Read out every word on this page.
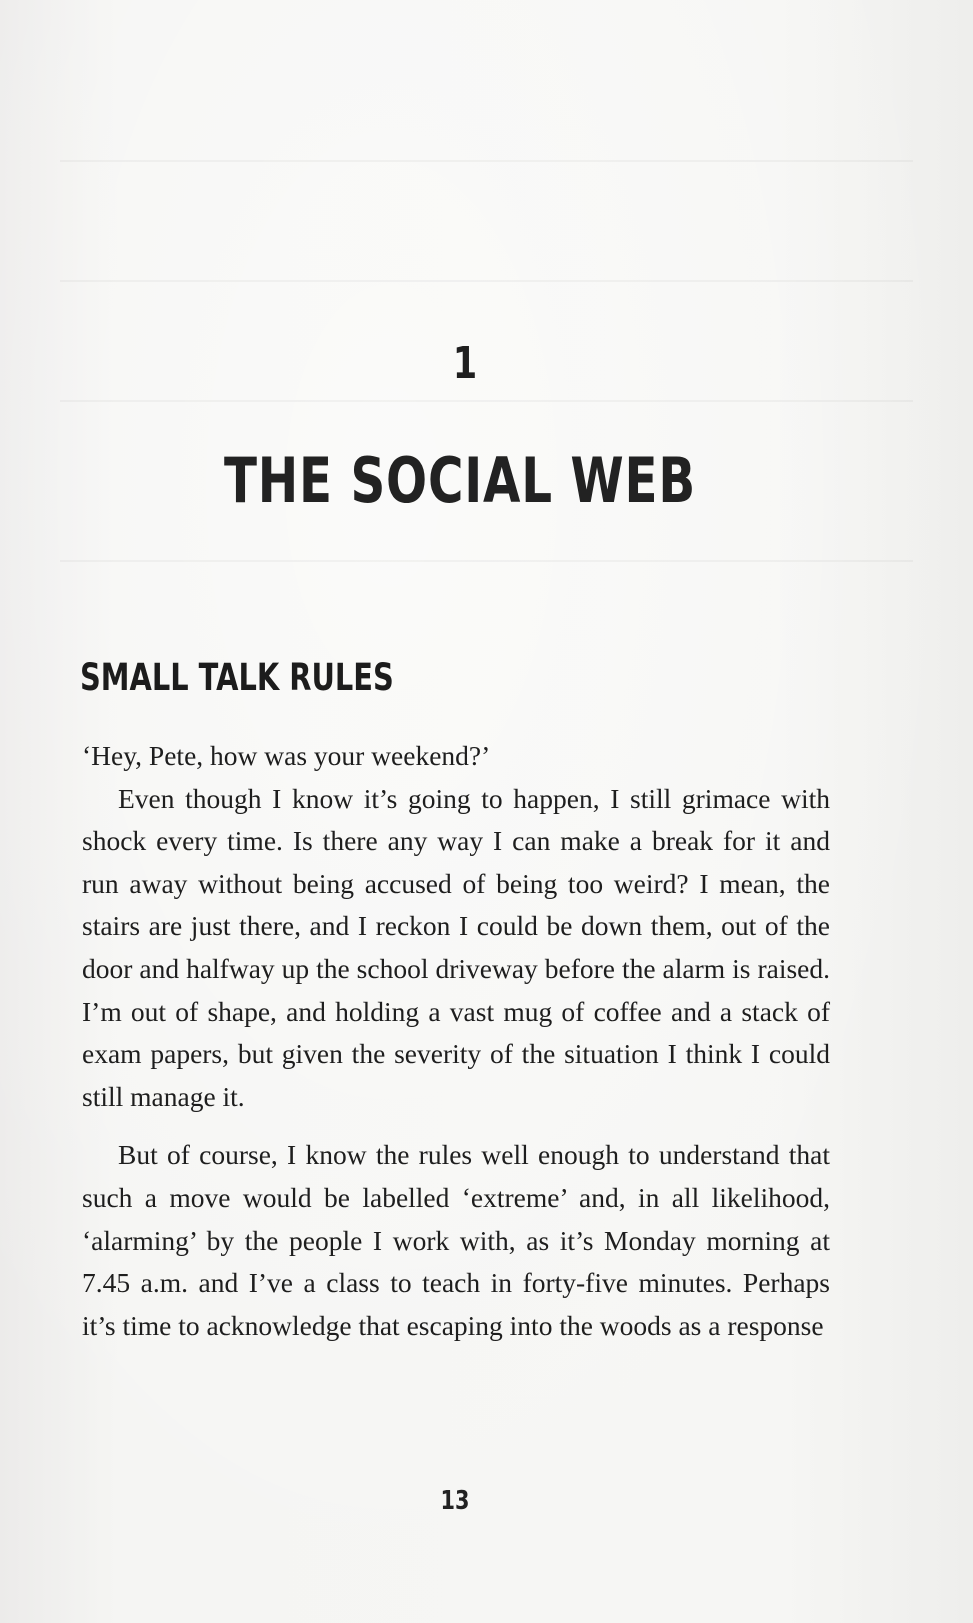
1
THE SOCIAL WEB
SMALL TALK RULES

‘Hey, Pete, how was your weekend?’

Even though I know it’s going to happen, I still grimace with shock every time. Is there any way I can make a break for it and run away without being accused of being too weird? I mean, the stairs are just there, and I reckon I could be down them, out of the door and halfway up the school driveway before the alarm is raised. I’m out of shape, and holding a vast mug of coffee and a stack of exam papers, but given the severity of the situation I think I could still manage it.

But of course, I know the rules well enough to understand that such a move would be labelled ‘extreme’ and, in all likelihood, ‘alarming’ by the people I work with, as it’s Monday morning at 7.45 a.m. and I’ve a class to teach in forty-five minutes. Perhaps it’s time to acknowledge that escaping into the woods as a response

13
